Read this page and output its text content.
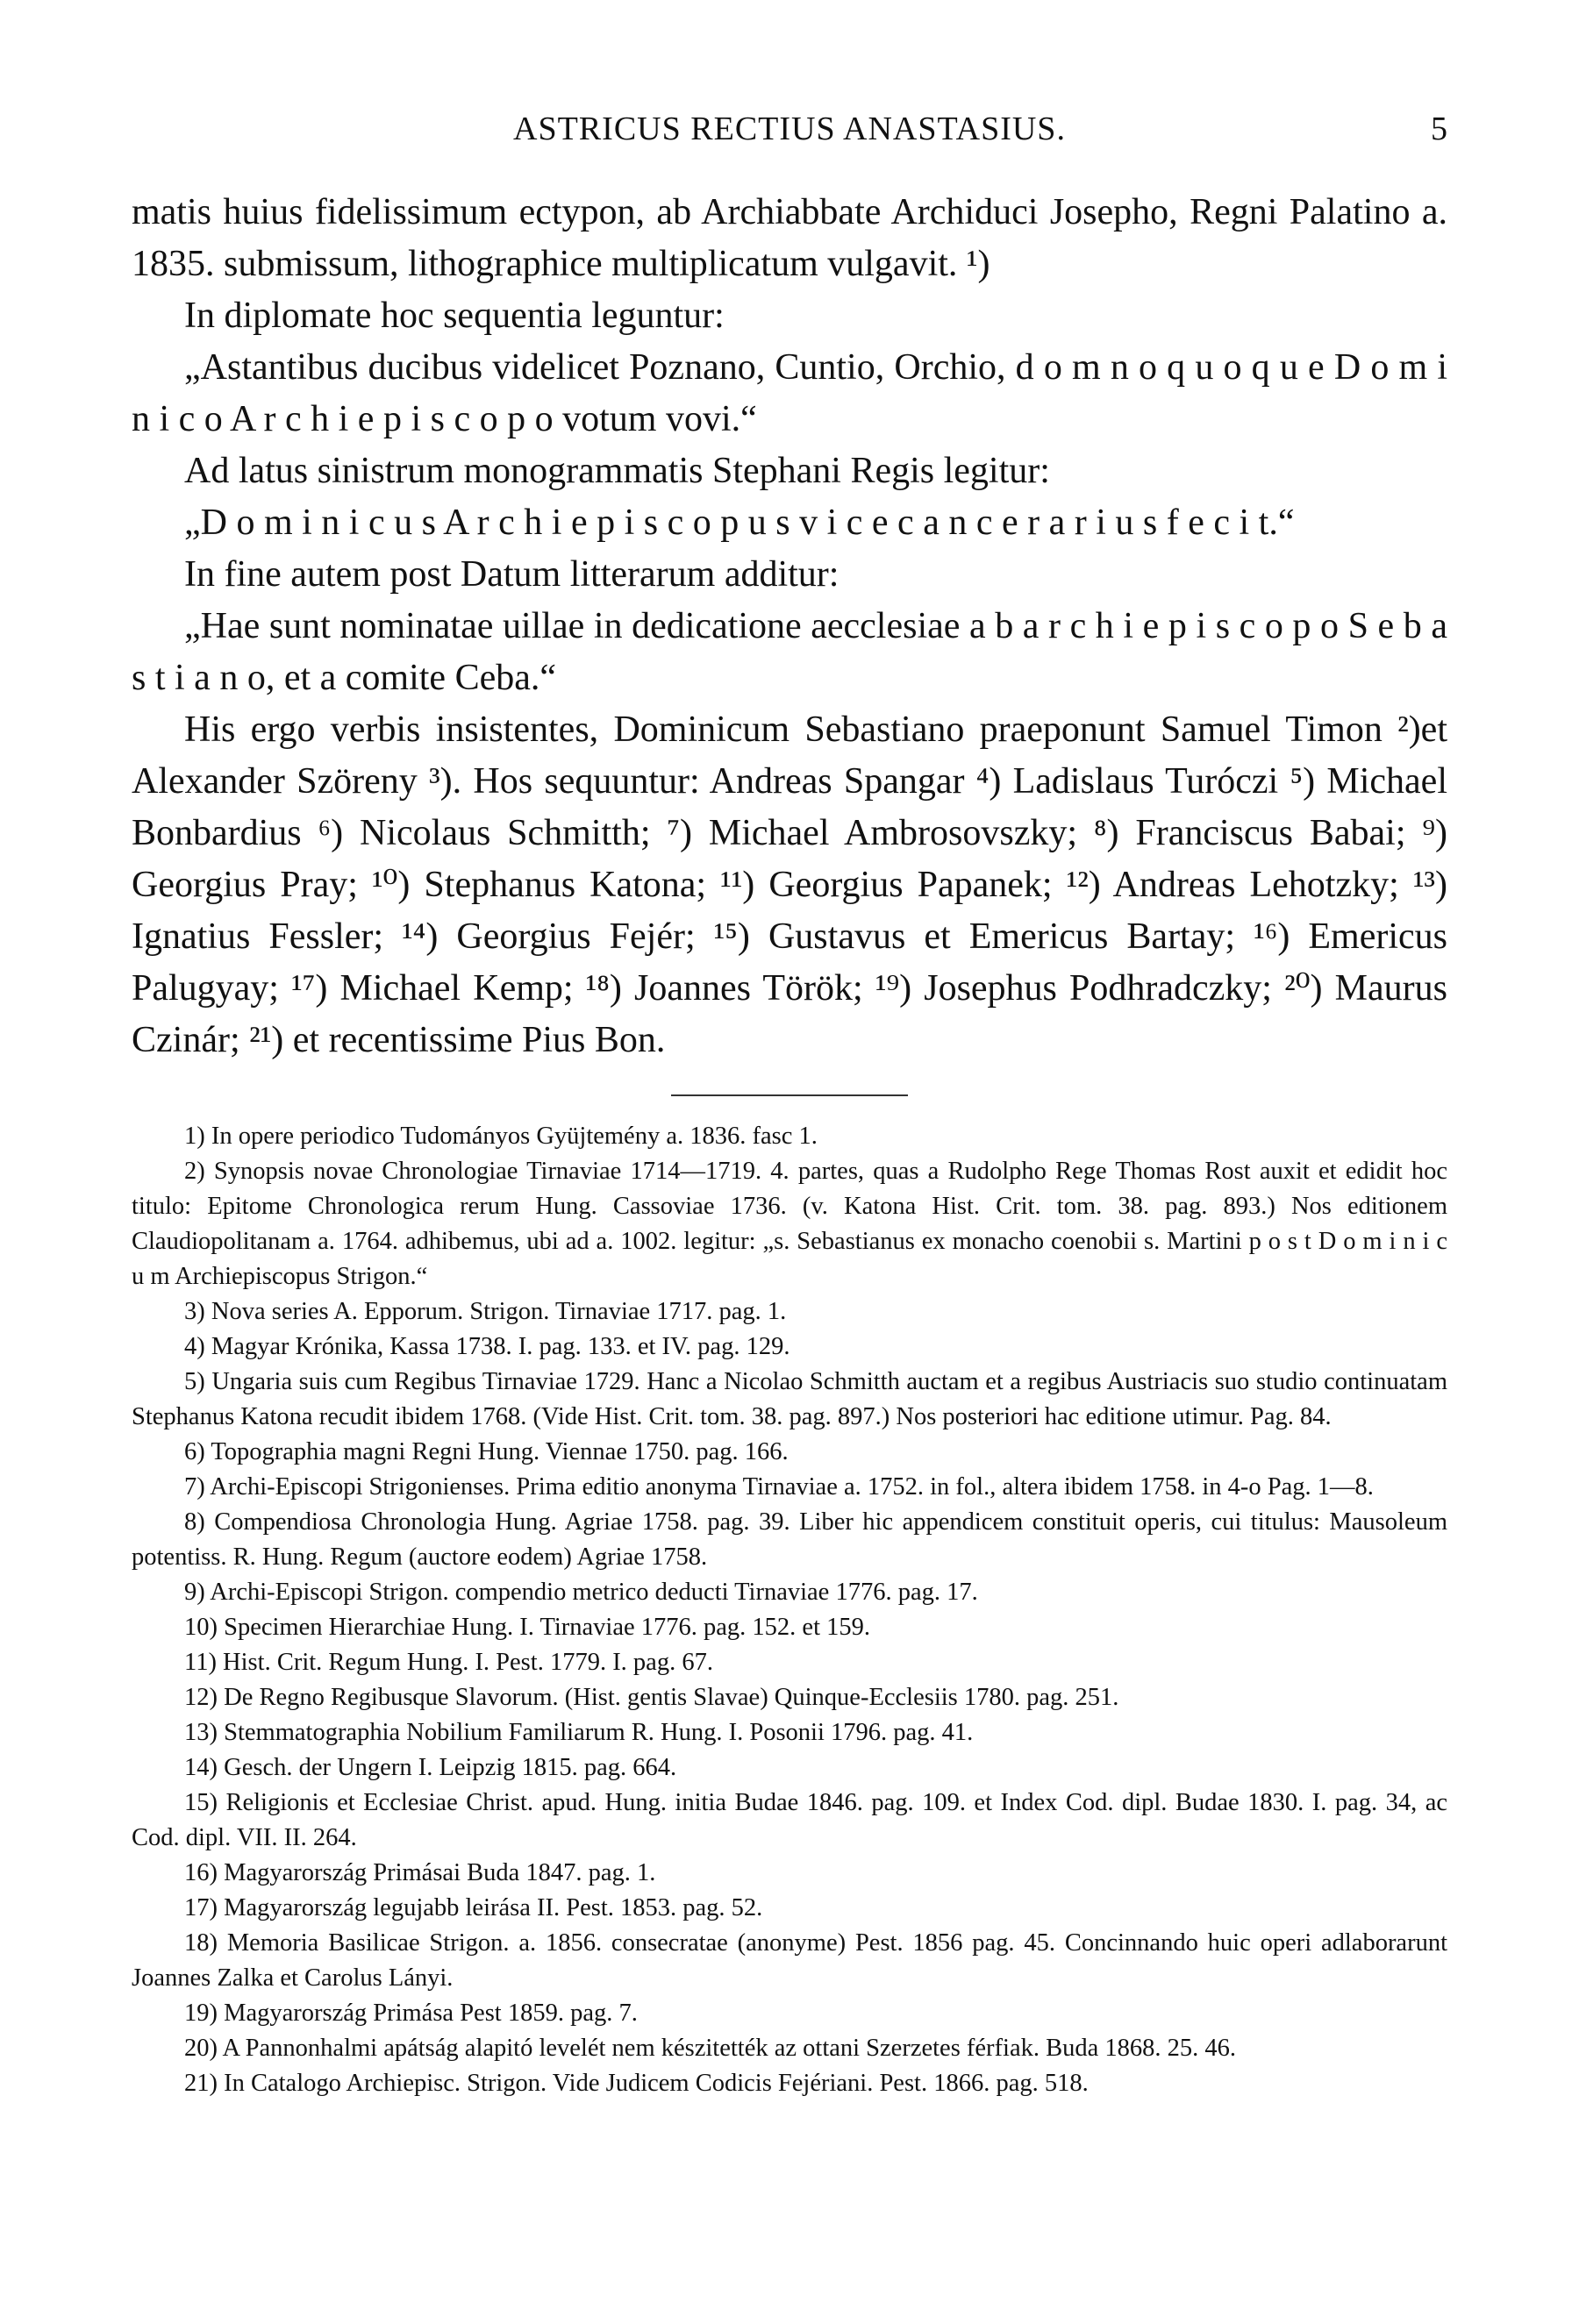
ASTRICUS RECTIUS ANASTASIUS.	5

matis huius fidelissimum ectypon, ab Archiabbate Archiduci Josepho, Regni Palatino a. 1835. submissum, lithographice multiplicatum vulgavit. ¹)

In diplomate hoc sequentia leguntur:

„Astantibus ducibus videlicet Poznano, Cuntio, Orchio, d o m n o q u o q u e D o m i n i c o A r c h i e p i s c o p o votum vovi.“

Ad latus sinistrum monogrammatis Stephani Regis legitur:

„D o m i n i c u s A r c h i e p i s c o p u s v i c e c a n c e r a r i u s f e c i t.“

In fine autem post Datum litterarum additur:

„Hae sunt nominatae uillae in dedicatione aecclesiae a b a r c h i e p i s c o p o S e b a s t i a n o, et a comite Ceba.“

His ergo verbis insistentes, Dominicum Sebastiano praeponunt Samuel Timon ²)et Alexander Szöreny ³). Hos sequuntur: Andreas Spangar ⁴) Ladislaus Turóczi ⁵) Michael Bonbardius ⁶) Nicolaus Schmitth; ⁷) Michael Ambrosovszky; ⁸) Franciscus Babai; ⁹) Georgius Pray; ¹⁰) Stephanus Katona; ¹¹) Georgius Papanek; ¹²) Andreas Lehotzky; ¹³) Ignatius Fessler; ¹⁴) Georgius Fejér; ¹⁵) Gustavus et Emericus Bartay; ¹⁶) Emericus Palugyay; ¹⁷) Michael Kemp; ¹⁸) Joannes Török; ¹⁹) Josephus Podhradczky; ²⁰) Maurus Czinár; ²¹) et recentissime Pius Bon.

1) In opere periodico Tudományos Gyüjtemény a. 1836. fasc 1.

2) Synopsis novae Chronologiae Tirnaviae 1714—1719. 4. partes, quas a Rudolpho Rege Thomas Rost auxit et edidit hoc titulo: Epitome Chronologica rerum Hung. Cassoviae 1736. (v. Katona Hist. Crit. tom. 38. pag. 893.) Nos editionem Claudiopolitanam a. 1764. adhibemus, ubi ad a. 1002. legitur: „s. Sebastianus ex monacho coenobii s. Martini p o s t D o m i n i c u m Archiepiscopus Strigon.“

3) Nova series A. Epporum. Strigon. Tirnaviae 1717. pag. 1.

4) Magyar Krónika, Kassa 1738. I. pag. 133. et IV. pag. 129.

5) Ungaria suis cum Regibus Tirnaviae 1729. Hanc a Nicolao Schmitth auctam et a regibus Austriacis suo studio continuatam Stephanus Katona recudit ibidem 1768. (Vide Hist. Crit. tom. 38. pag. 897.) Nos posteriori hac editione utimur. Pag. 84.

6) Topographia magni Regni Hung. Viennae 1750. pag. 166.

7) Archi-Episcopi Strigonienses. Prima editio anonyma Tirnaviae a. 1752. in fol., altera ibidem 1758. in 4-o Pag. 1—8.

8) Compendiosa Chronologia Hung. Agriae 1758. pag. 39. Liber hic appendicem constituit operis, cui titulus: Mausoleum potentiss. R. Hung. Regum (auctore eodem) Agriae 1758.

9) Archi-Episcopi Strigon. compendio metrico deducti Tirnaviae 1776. pag. 17.

10) Specimen Hierarchiae Hung. I. Tirnaviae 1776. pag. 152. et 159.

11) Hist. Crit. Regum Hung. I. Pest. 1779. I. pag. 67.

12) De Regno Regibusque Slavorum. (Hist. gentis Slavae) Quinque-Ecclesiis 1780. pag. 251.

13) Stemmatographia Nobilium Familiarum R. Hung. I. Posonii 1796. pag. 41.

14) Gesch. der Ungern I. Leipzig 1815. pag. 664.

15) Religionis et Ecclesiae Christ. apud. Hung. initia Budae 1846. pag. 109. et Index Cod. dipl. Budae 1830. I. pag. 34, ac Cod. dipl. VII. II. 264.

16) Magyarország Primásai Buda 1847. pag. 1.

17) Magyarország legujabb leirása II. Pest. 1853. pag. 52.

18) Memoria Basilicae Strigon. a. 1856. consecratae (anonyme) Pest. 1856 pag. 45. Concinnando huic operi adlaborarunt Joannes Zalka et Carolus Lányi.

19) Magyarország Primása Pest 1859. pag. 7.

20) A Pannonhalmi apátság alapitó levelét nem készitették az ottani Szerzetes férfiak. Buda 1868. 25. 46.

21) In Catalogo Archiepisc. Strigon. Vide Judicem Codicis Fejériani. Pest. 1866. pag. 518.
